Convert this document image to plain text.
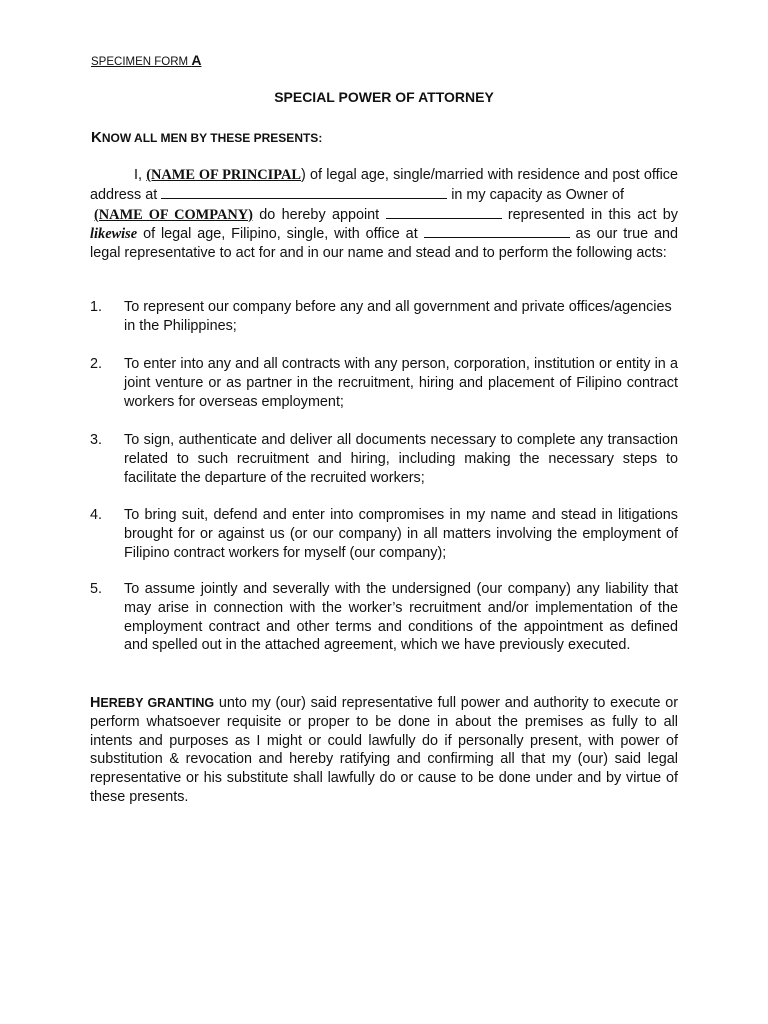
SPECIMEN FORM A
SPECIAL POWER OF ATTORNEY
KNOW ALL MEN BY THESE PRESENTS:

I, (NAME OF PRINCIPAL) of legal age, single/married with residence and post office address at	in my capacity as Owner of
(NAME OF COMPANY) do hereby appoint	represented in this act by likewise of legal age, Filipino, single, with office at	as our true and legal representative to act for and in our name and stead and to perform the following acts:

1.	To represent our company before any and all government and private offices/agencies in the Philippines;
2.	To enter into any and all contracts with any person, corporation, institution or entity in a joint venture or as partner in the recruitment, hiring and placement of Filipino contract workers for overseas employment;
3.	To sign, authenticate and deliver all documents necessary to complete any transaction related to such recruitment and hiring, including making the necessary steps to facilitate the departure of the recruited workers;
4.	To bring suit, defend and enter into compromises in my name and stead in litigations brought for or against us (or our company) in all matters involving the employment of Filipino contract workers for myself (our company);
5.	To assume jointly and severally with the undersigned (our company) any liability that may arise in connection with the worker’s recruitment and/or implementation of the employment contract and other terms and conditions of the appointment as defined and spelled out in the attached agreement, which we have previously executed.

HEREBY GRANTING unto my (our) said representative full power and authority to execute or perform whatsoever requisite or proper to be done in about the premises as fully to all intents and purposes as I might or could lawfully do if personally present, with power of substitution & revocation and hereby ratifying and confirming all that my (our) said legal representative or his substitute shall lawfully do or cause to be done under and by virtue of these presents.
